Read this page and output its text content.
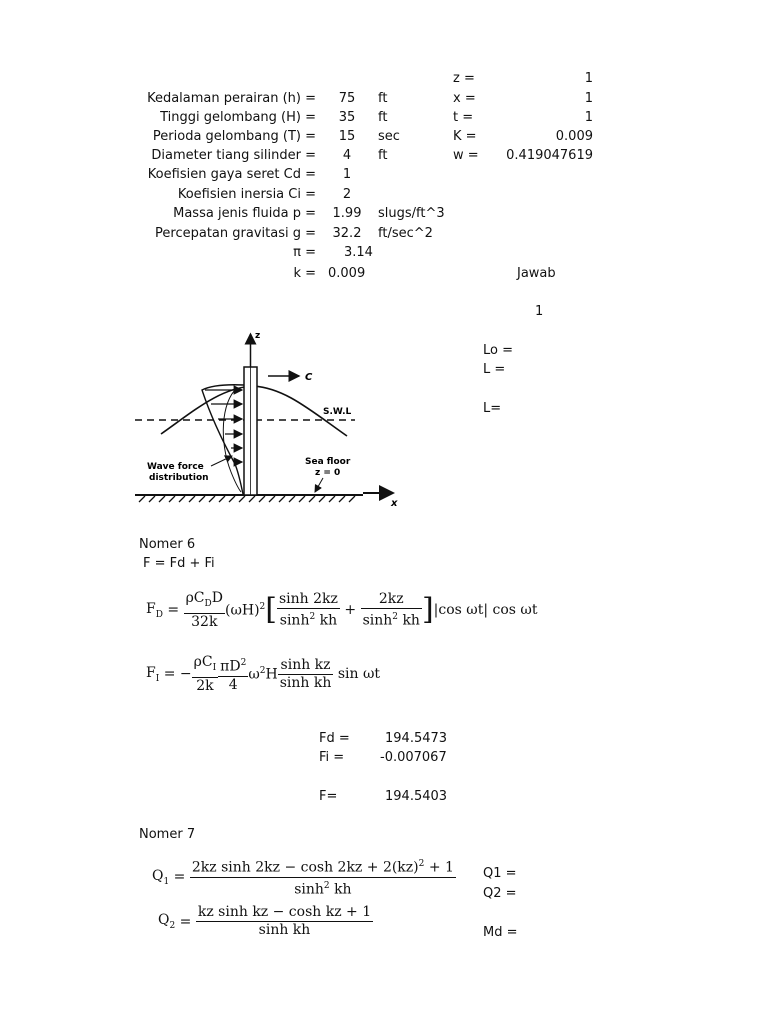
Kedalaman perairan (h) =	75	ft
Tinggi gelombang (H) =	35	ft
Perioda gelombang (T) =	15	sec
Diameter tiang silinder =	4	ft
Koefisien gaya seret Cd =	1
Koefisien inersia Ci =	2
Massa jenis fluida p =	1.99	slugs/ft^3
Percepatan gravitasi g =	32.2	ft/sec^2
π = 3.14
k = 0.009
z =	1
x =	1
t =	1
K =	0.009
w =	0.419047619
Jawab
1
Lo =
L =
L=
x
z
C
S.W.L
Wave force
distribution
Sea floor
z = 0
Nomer 6
F = Fd + Fi
$F_D = \frac{\rho C_DD}{32k} (\omega H)^2$ [ $\frac{\sinh 2kz}{\sinh^2 kh} + \frac{2kz}{\sinh^2 kh}$ ] |cos ωt| cos ωt
$F_I$ = − $\frac{\rho C_I}{2k} \frac{\pi D^2}{4} \omega^2H \frac{\text{sinh kz}}{\text{sinh kh}}$
sin ωt
Fd =	194.5473
Fi =	-0.007067
F=	194.5403
Nomer 7
$Q_1 = \frac{2kz \sinh 2kz - \cosh 2kz + 2(kz)^2 + 1}{\sinh^2 kh}$
$Q_2 = \frac{\text{kz sinh kz − cosh kz + 1}}{\text{sinh kh}}$
Q1 =
Q2 =
Md =
